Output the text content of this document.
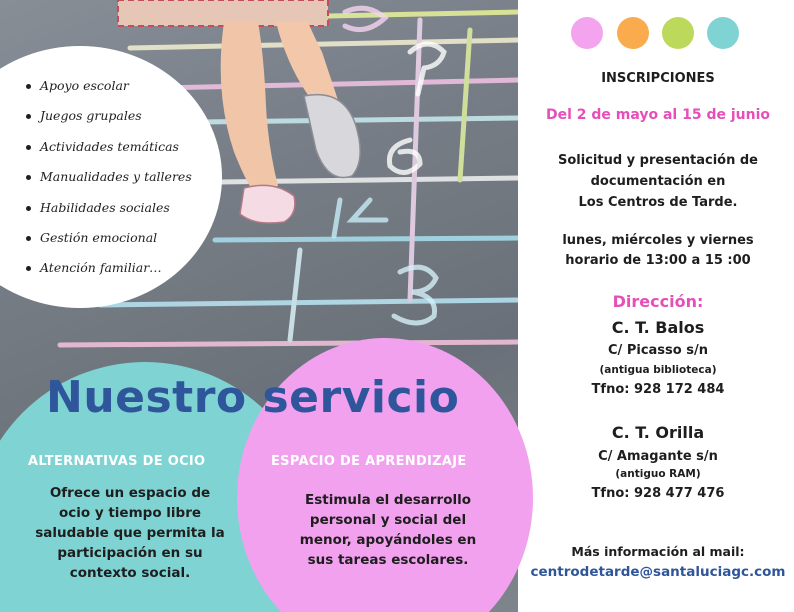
Apoyo escolar
Juegos grupales
Actividades temáticas
Manualidades y talleres
Habilidades sociales
Gestión emocional
Atención familiar…
Nuestro servicio
ALTERNATIVAS DE OCIO
Ofrece un espacio de
ocio y tiempo libre
saludable que permita la
participación en su
contexto social.
ESPACIO DE APRENDIZAJE
Estimula el desarrollo
personal y social del
menor, apoyándoles en
sus tareas escolares.
INSCRIPCIONES
Del 2 de mayo al 15 de junio
Solicitud y presentación de
documentación en
Los Centros de Tarde.
lunes, miércoles y viernes
horario de 13:00 a 15 :00
Dirección:
C. T. Balos
C/ Picasso s/n
(antigua biblioteca)
Tfno: 928 172 484
C. T. Orilla
C/ Amagante s/n
(antiguo RAM)
Tfno: 928 477 476
Más información al mail:
centrodetarde@santaluciagc.com
